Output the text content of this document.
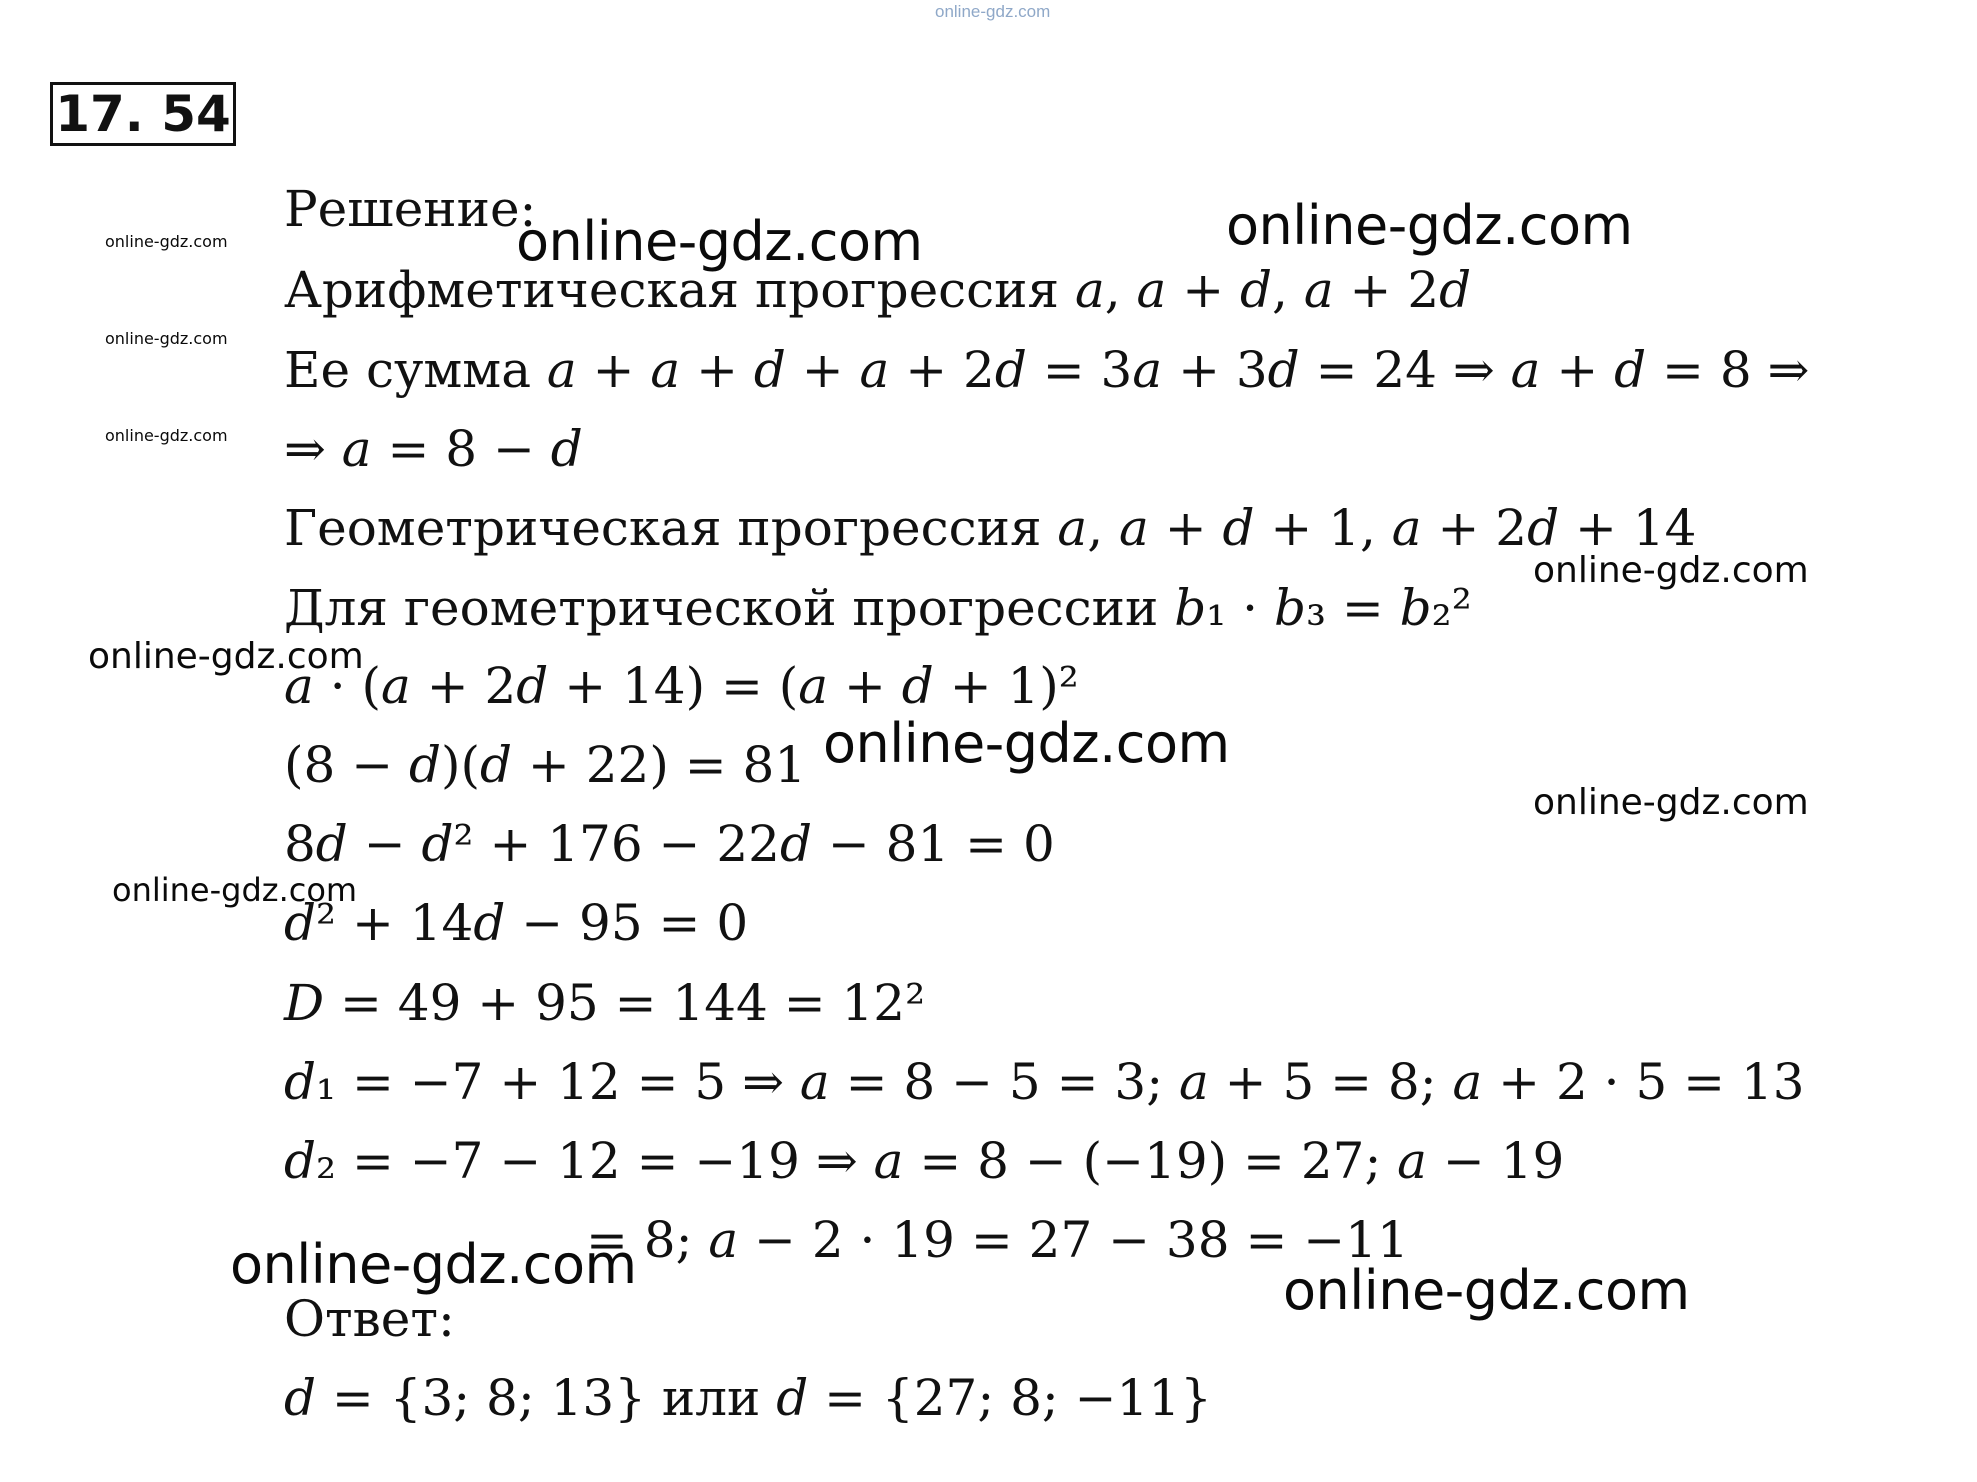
online-gdz.com
17. 54
Решение:
Арифметическая прогрессия 𝑎, 𝑎 + 𝑑, 𝑎 + 2𝑑
Ее сумма 𝑎 + 𝑎 + 𝑑 + 𝑎 + 2𝑑 = 3𝑎 + 3𝑑 = 24 ⇒ 𝑎 + 𝑑 = 8 ⇒
⇒ 𝑎 = 8 − 𝑑
Геометрическая прогрессия 𝑎, 𝑎 + 𝑑 + 1, 𝑎 + 2𝑑 + 14
Для геометрической прогрессии 𝑏₁ · 𝑏₃ = 𝑏₂²
𝑎 · (𝑎 + 2𝑑 + 14) = (𝑎 + 𝑑 + 1)²
(8 − 𝑑)(𝑑 + 22) = 81
8𝑑 − 𝑑² + 176 − 22𝑑 − 81 = 0
𝑑² + 14𝑑 − 95 = 0
𝐷 = 49 + 95 = 144 = 12²
𝑑₁ = −7 + 12 = 5 ⇒ 𝑎 = 8 − 5 = 3; 𝑎 + 5 = 8; 𝑎 + 2 · 5 = 13
𝑑₂ = −7 − 12 = −19 ⇒ 𝑎 = 8 − (−19) = 27; 𝑎 − 19
= 8; 𝑎 − 2 · 19 = 27 − 38 = −11
Ответ:
𝑑 = {3; 8; 13} или 𝑑 = {27; 8; −11}
online-gdz.com	online-gdz.com
online-gdz.com
online-gdz.com
online-gdz.com
online-gdz.com
online-gdz.com
online-gdz.com
online-gdz.com
online-gdz.com
online-gdz.com	online-gdz.com
